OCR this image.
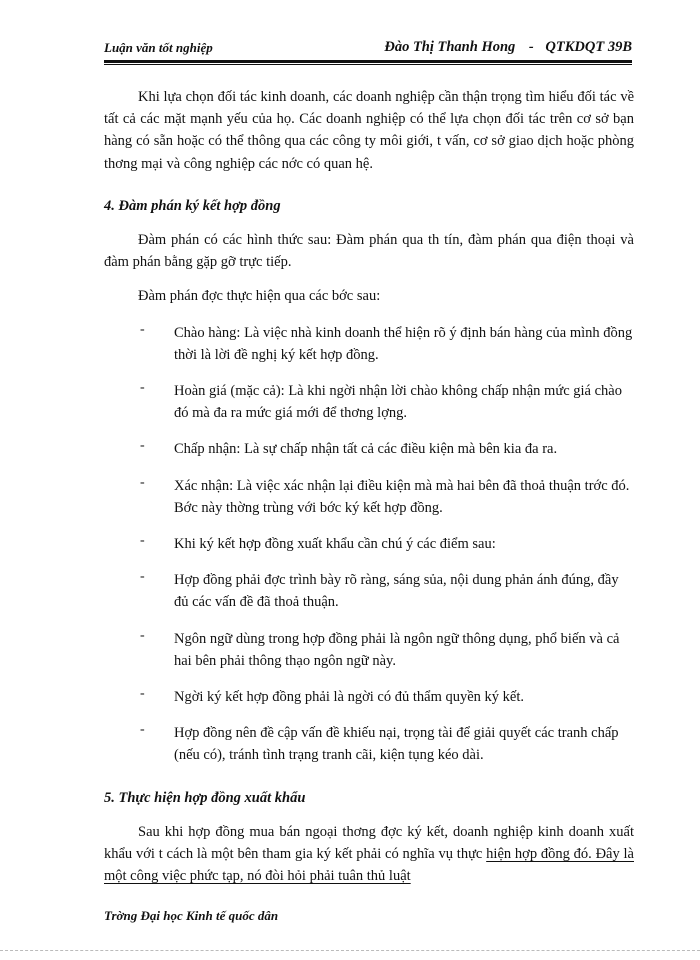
Luận văn tốt nghiệp	Đào Thị Thanh Hong - QTKDQT 39B

Khi lựa chọn đối tác kinh doanh, các doanh nghiệp cần thận trọng tìm hiểu đối tác về tất cả các mặt mạnh yếu của họ. Các doanh nghiệp có thể lựa chọn đối tác trên cơ sở bạn hàng có sẵn hoặc có thể thông qua các công ty môi giới, t vấn, cơ sở giao dịch hoặc phòng thơng mại và công nghiệp các nớc có quan hệ.

4. Đàm phán ký kết hợp đồng

Đàm phán có các hình thức sau: Đàm phán qua th tín, đàm phán qua điện thoại và đàm phán bằng gặp gỡ trực tiếp.

Đàm phán đợc thực hiện qua các bớc sau:

- Chào hàng: Là việc nhà kinh doanh thể hiện rõ ý định bán hàng của mình đồng thời là lời đề nghị ký kết hợp đồng.
- Hoàn giá (mặc cả): Là khi ngời nhận lời chào không chấp nhận mức giá chào đó mà đa ra mức giá mới để thơng lợng.
- Chấp nhận: Là sự chấp nhận tất cả các điều kiện mà bên kia đa ra.
- Xác nhận: Là việc xác nhận lại điều kiện mà mà hai bên đã thoả thuận trớc đó. Bớc này thờng trùng với bớc ký kết hợp đồng.
- Khi ký kết hợp đồng xuất khẩu cần chú ý các điểm sau:
- Hợp đồng phải đợc trình bày rõ ràng, sáng sủa, nội dung phản ánh đúng, đầy đủ các vấn đề đã thoả thuận.
- Ngôn ngữ dùng trong hợp đồng phải là ngôn ngữ thông dụng, phổ biến và cả hai bên phải thông thạo ngôn ngữ này.
- Ngời ký kết hợp đồng phải là ngời có đủ thẩm quyền ký kết.
- Hợp đồng nên đề cập vấn đề khiếu nại, trọng tài để giải quyết các tranh chấp (nếu có), tránh tình trạng tranh cãi, kiện tụng kéo dài.
5. Thực hiện hợp đồng xuất khẩu

Sau khi hợp đồng mua bán ngoại thơng đợc ký kết, doanh nghiệp kinh doanh xuất khẩu với t cách là một bên tham gia ký kết phải có nghĩa vụ thực hiện hợp đồng đó. Đây là một công việc phức tạp, nó đòi hỏi phải tuân thủ luật

Trờng Đại học Kinh tế quốc dân
